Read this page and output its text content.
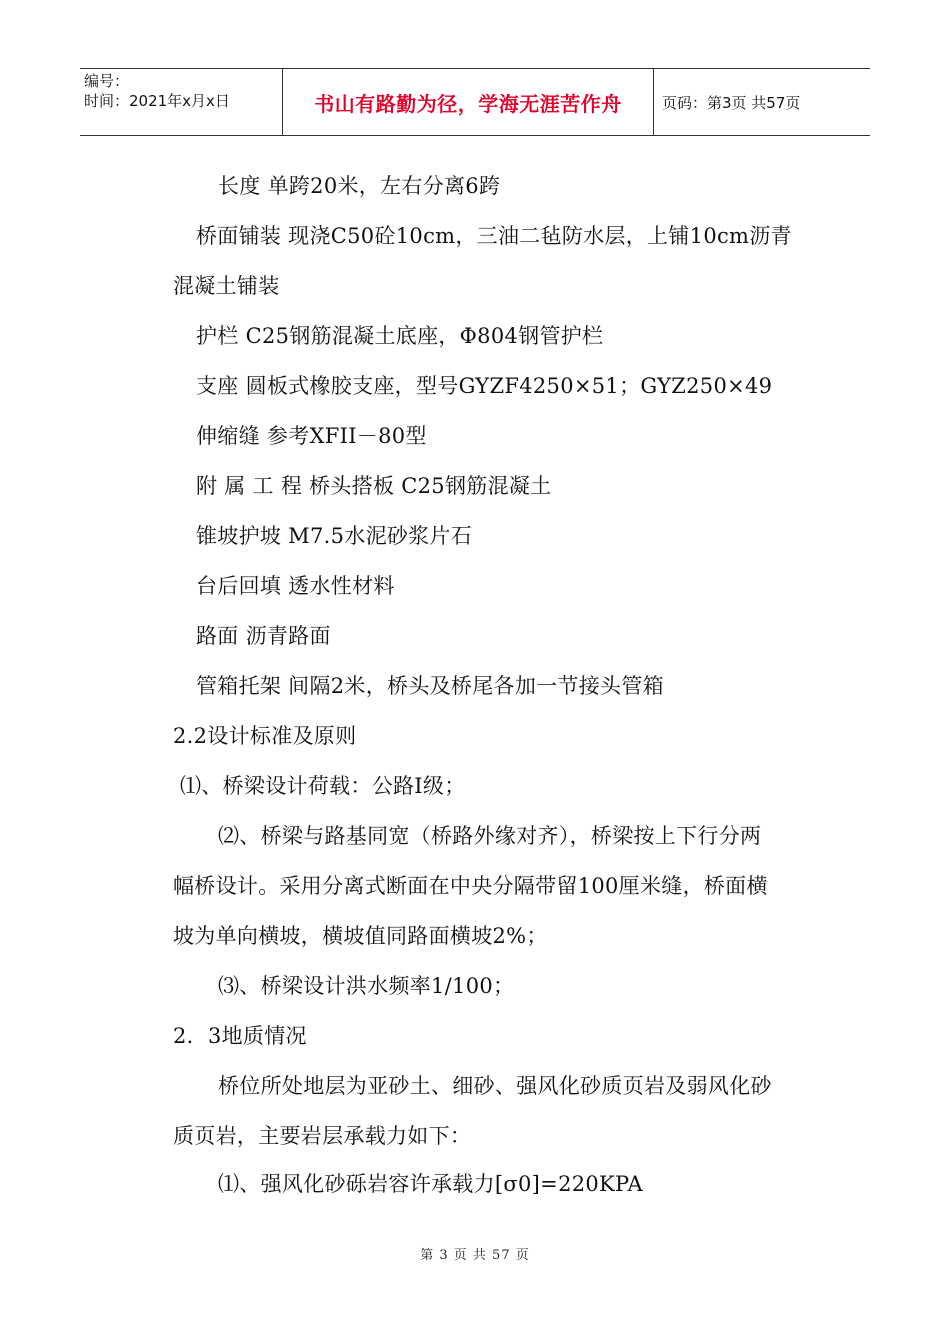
编号：
时间：2021年x月x日	书山有路勤为径，学海无涯苦作舟	页码：第3页 共57页
长度 单跨20米，左右分离6跨
桥面铺装 现浇C50砼10cm，三油二毡防水层，上铺10cm沥青
混凝土铺装
护栏 C25钢筋混凝土底座，Φ804钢管护栏
支座 圆板式橡胶支座，型号GYZF4250×51；GYZ250×49
伸缩缝 参考XFII－80型
附 属 工 程 桥头搭板 C25钢筋混凝土
锥坡护坡 M7.5水泥砂浆片石
台后回填 透水性材料
路面 沥青路面
管箱托架 间隔2米，桥头及桥尾各加一节接头管箱
2.2设计标准及原则
⑴、桥梁设计荷载：公路I级；
⑵、桥梁与路基同宽（桥路外缘对齐），桥梁按上下行分两
幅桥设计。采用分离式断面在中央分隔带留100厘米缝，桥面横
坡为单向横坡，横坡值同路面横坡2%；
⑶、桥梁设计洪水频率1/100；
2．3地质情况
桥位所处地层为亚砂土、细砂、强风化砂质页岩及弱风化砂
质页岩，主要岩层承载力如下：
⑴、强风化砂砾岩容许承载力[σ0]=220KPA
第 3 页 共 57 页
